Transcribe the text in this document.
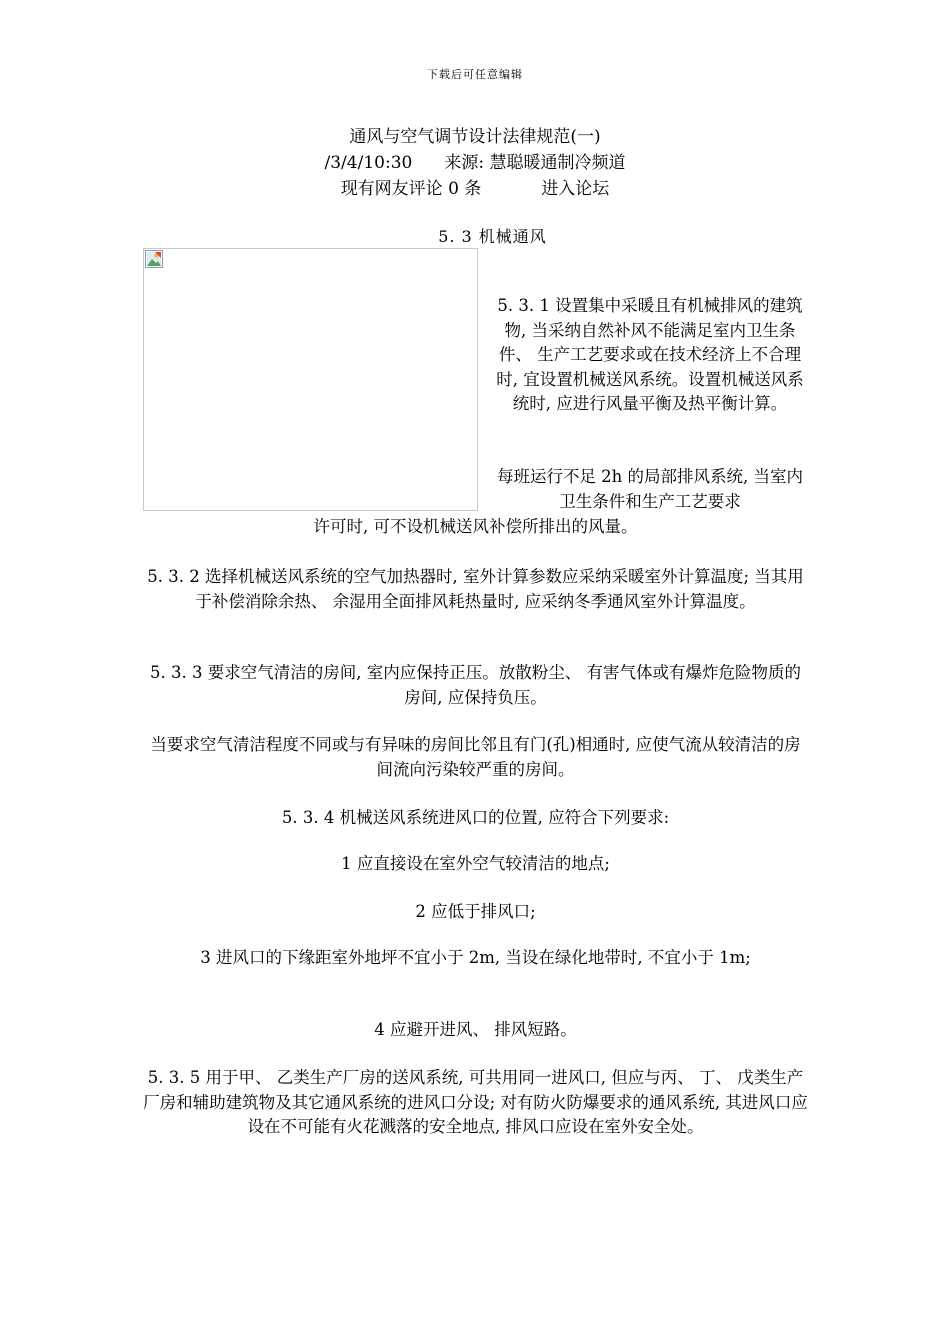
下载后可任意编辑
通风与空气调节设计法律规范(一)
/3/4/10:30 来源: 慧聪暖通制冷频道
现有网友评论 0 条	进入论坛
5. 3 机械通风
5. 3. 1 设置集中采暖且有机械排风的建筑物, 当采纳自然补风不能满足室内卫生条件、 生产工艺要求或在技术经济上不合理时, 宜设置机械送风系统。设置机械送风系统时, 应进行风量平衡及热平衡计算。
每班运行不足 2h 的局部排风系统, 当室内卫生条件和生产工艺要求
许可时, 可不设机械送风补偿所排出的风量。
5. 3. 2 选择机械送风系统的空气加热器时, 室外计算参数应采纳采暖室外计算温度; 当其用于补偿消除余热、 余湿用全面排风耗热量时, 应采纳冬季通风室外计算温度。
5. 3. 3 要求空气清洁的房间, 室内应保持正压。放散粉尘、 有害气体或有爆炸危险物质的房间, 应保持负压。
当要求空气清洁程度不同或与有异味的房间比邻且有门(孔)相通时, 应使气流从较清洁的房间流向污染较严重的房间。
5. 3. 4 机械送风系统进风口的位置, 应符合下列要求:
1 应直接设在室外空气较清洁的地点;
2 应低于排风口;
3 进风口的下缘距室外地坪不宜小于 2m, 当设在绿化地带时, 不宜小于 1m;
4 应避开进风、 排风短路。
5. 3. 5 用于甲、 乙类生产厂房的送风系统, 可共用同一进风口, 但应与丙、 丁、 戊类生产厂房和辅助建筑物及其它通风系统的进风口分设; 对有防火防爆要求的通风系统, 其进风口应设在不可能有火花溅落的安全地点, 排风口应设在室外安全处。
